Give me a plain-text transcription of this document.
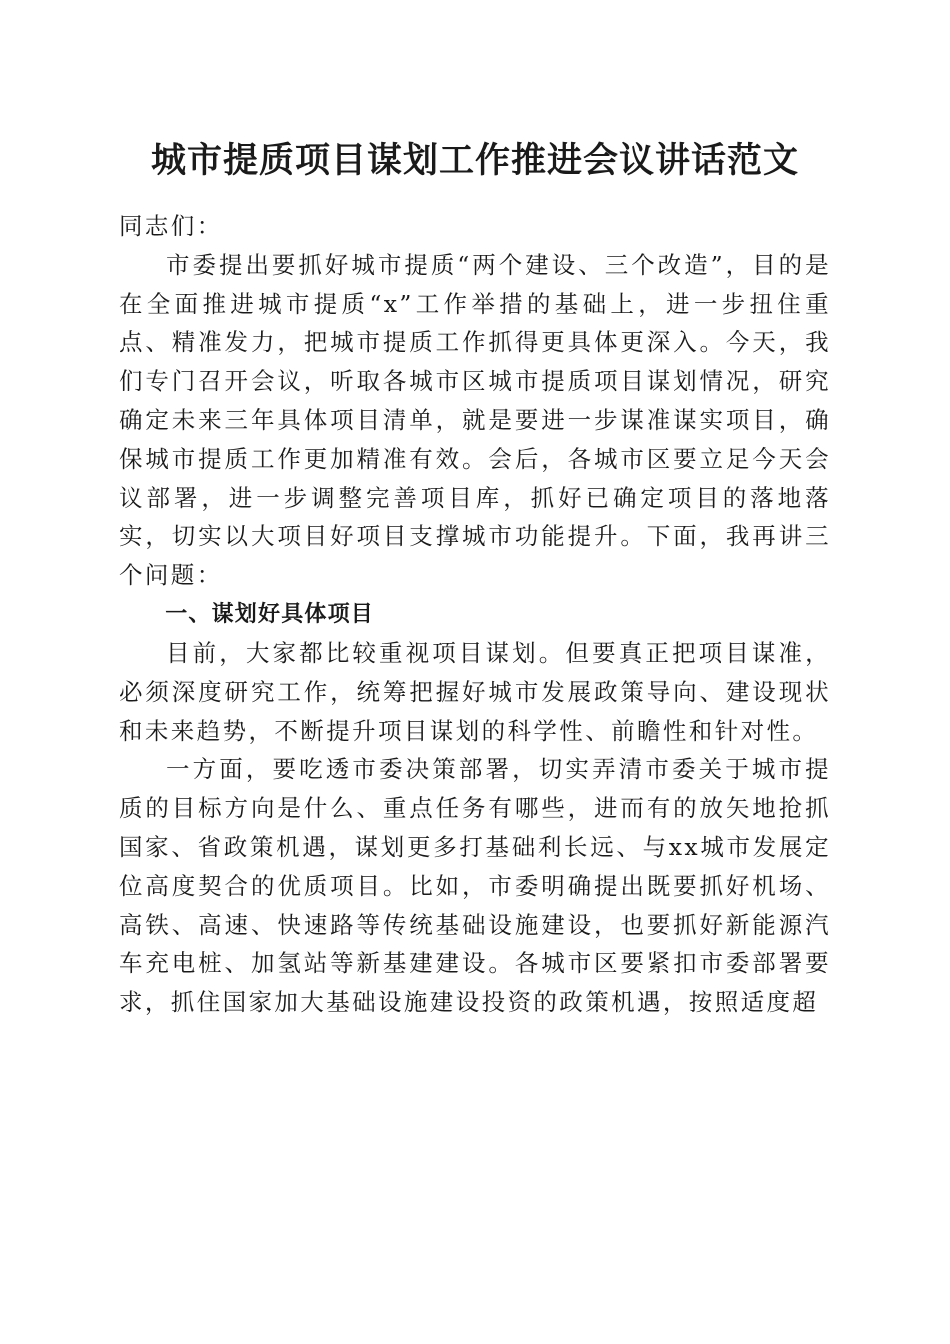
城市提质项目谋划工作推进会议讲话范文

同志们：

市委提出要抓好城市提质“两个建设、三个改造”，目的是在全面推进城市提质“x”工作举措的基础上，进一步扭住重点、精准发力，把城市提质工作抓得更具体更深入。今天，我们专门召开会议，听取各城市区城市提质项目谋划情况，研究确定未来三年具体项目清单，就是要进一步谋准谋实项目，确保城市提质工作更加精准有效。会后，各城市区要立足今天会议部署，进一步调整完善项目库，抓好已确定项目的落地落实，切实以大项目好项目支撑城市功能提升。下面，我再讲三个问题：

一、谋划好具体项目

目前，大家都比较重视项目谋划。但要真正把项目谋准，必须深度研究工作，统筹把握好城市发展政策导向、建设现状和未来趋势，不断提升项目谋划的科学性、前瞻性和针对性。

一方面，要吃透市委决策部署，切实弄清市委关于城市提质的目标方向是什么、重点任务有哪些，进而有的放矢地抢抓国家、省政策机遇，谋划更多打基础利长远、与xx城市发展定位高度契合的优质项目。比如，市委明确提出既要抓好机场、高铁、高速、快速路等传统基础设施建设，也要抓好新能源汽车充电桩、加氢站等新基建建设。各城市区要紧扣市委部署要求，抓住国家加大基础设施建设投资的政策机遇，按照适度超
